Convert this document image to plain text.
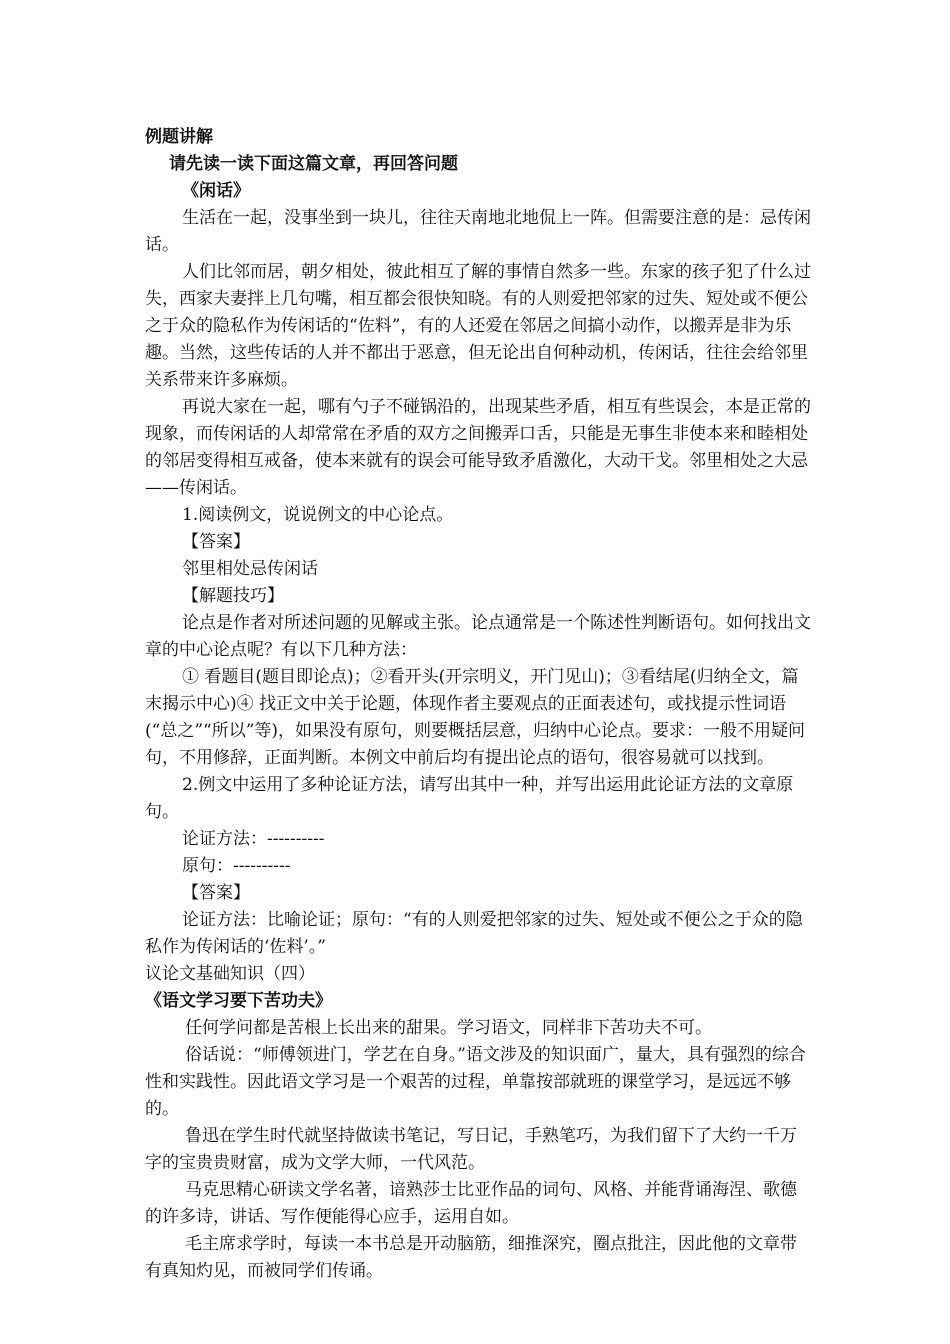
例题讲解

请先读一读下面这篇文章，再回答问题

《闲话》

生活在一起，没事坐到一块儿，往往天南地北地侃上一阵。但需要注意的是：忌传闲话。

人们比邻而居，朝夕相处，彼此相互了解的事情自然多一些。东家的孩子犯了什么过失，西家夫妻拌上几句嘴，相互都会很快知晓。有的人则爱把邻家的过失、短处或不便公之于众的隐私作为传闲话的“佐料”，有的人还爱在邻居之间搞小动作，以搬弄是非为乐趣。当然，这些传话的人并不都出于恶意，但无论出自何种动机，传闲话，往往会给邻里关系带来许多麻烦。

再说大家在一起，哪有勺子不碰锅沿的，出现某些矛盾，相互有些误会，本是正常的现象，而传闲话的人却常常在矛盾的双方之间搬弄口舌，只能是无事生非使本来和睦相处的邻居变得相互戒备，使本来就有的误会可能导致矛盾激化，大动干戈。邻里相处之大忌——传闲话。

1.阅读例文，说说例文的中心论点。

【答案】

邻里相处忌传闲话

【解题技巧】

论点是作者对所述问题的见解或主张。论点通常是一个陈述性判断语句。如何找出文章的中心论点呢？有以下几种方法：

① 看题目(题目即论点)；②看开头(开宗明义，开门见山)；③看结尾(归纳全文，篇末揭示中心)④ 找正文中关于论题，体现作者主要观点的正面表述句，或找提示性词语(“总之”“所以”等)，如果没有原句，则要概括层意，归纳中心论点。要求：一般不用疑问句，不用修辞，正面判断。本例文中前后均有提出论点的语句，很容易就可以找到。

2.例文中运用了多种论证方法，请写出其中一种，并写出运用此论证方法的文章原句。

论证方法：----------

原句：----------

【答案】

论证方法：比喻论证；原句：“有的人则爱把邻家的过失、短处或不便公之于众的隐私作为传闲话的‘佐料’。”

议论文基础知识（四）

《语文学习要下苦功夫》

任何学问都是苦根上长出来的甜果。学习语文，同样非下苦功夫不可。

俗话说：“师傅领进门，学艺在自身。”语文涉及的知识面广，量大，具有强烈的综合性和实践性。因此语文学习是一个艰苦的过程，单靠按部就班的课堂学习，是远远不够的。

鲁迅在学生时代就坚持做读书笔记，写日记，手熟笔巧，为我们留下了大约一千万字的宝贵贵财富，成为文学大师，一代风范。

马克思精心研读文学名著，谙熟莎士比亚作品的词句、风格、并能背诵海涅、歌德的许多诗，讲话、写作便能得心应手，运用自如。

毛主席求学时，每读一本书总是开动脑筋，细推深究，圈点批注，因此他的文章带有真知灼见，而被同学们传诵。
